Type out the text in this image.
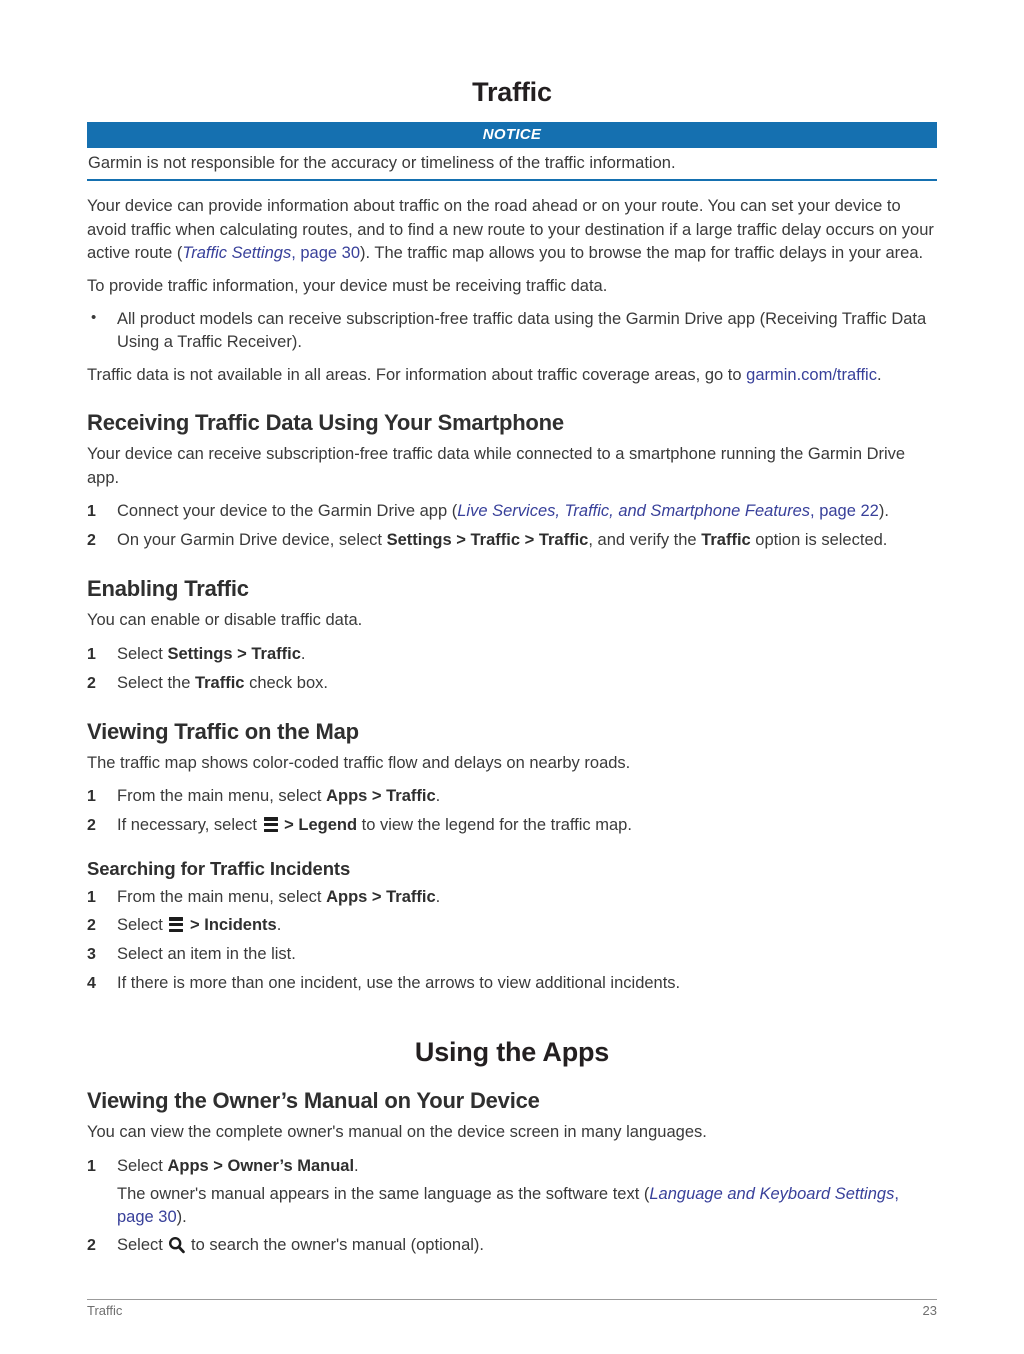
Traffic
NOTICE
Garmin is not responsible for the accuracy or timeliness of the traffic information.

Your device can provide information about traffic on the road ahead or on your route. You can set your device to avoid traffic when calculating routes, and to find a new route to your destination if a large traffic delay occurs on your active route (Traffic Settings, page 30). The traffic map allows you to browse the map for traffic delays in your area.

To provide traffic information, your device must be receiving traffic data.

• All product models can receive subscription-free traffic data using the Garmin Drive app (Receiving Traffic Data Using a Traffic Receiver).

Traffic data is not available in all areas. For information about traffic coverage areas, go to garmin.com/traffic.

Receiving Traffic Data Using Your Smartphone

Your device can receive subscription-free traffic data while connected to a smartphone running the Garmin Drive app.

1 Connect your device to the Garmin Drive app (Live Services, Traffic, and Smartphone Features, page 22).
2 On your Garmin Drive device, select Settings > Traffic > Traffic, and verify the Traffic option is selected.
Enabling Traffic

You can enable or disable traffic data.

1 Select Settings > Traffic.
2 Select the Traffic check box.
Viewing Traffic on the Map

The traffic map shows color-coded traffic flow and delays on nearby roads.

1 From the main menu, select Apps > Traffic.
2 If necessary, select
> Legend to view the legend for the traffic map.
Searching for Traffic Incidents
1 From the main menu, select Apps > Traffic.
2 Select
> Incidents.
3 Select an item in the list.
4 If there is more than one incident, use the arrows to view additional incidents.
Using the Apps
Viewing the Owner’s Manual on Your Device

You can view the complete owner's manual on the device screen in many languages.

1 Select Apps > Owner’s Manual.
The owner's manual appears in the same language as the software text (Language and Keyboard Settings, page 30).
2 Select
to search the owner's manual (optional).
Traffic	23
